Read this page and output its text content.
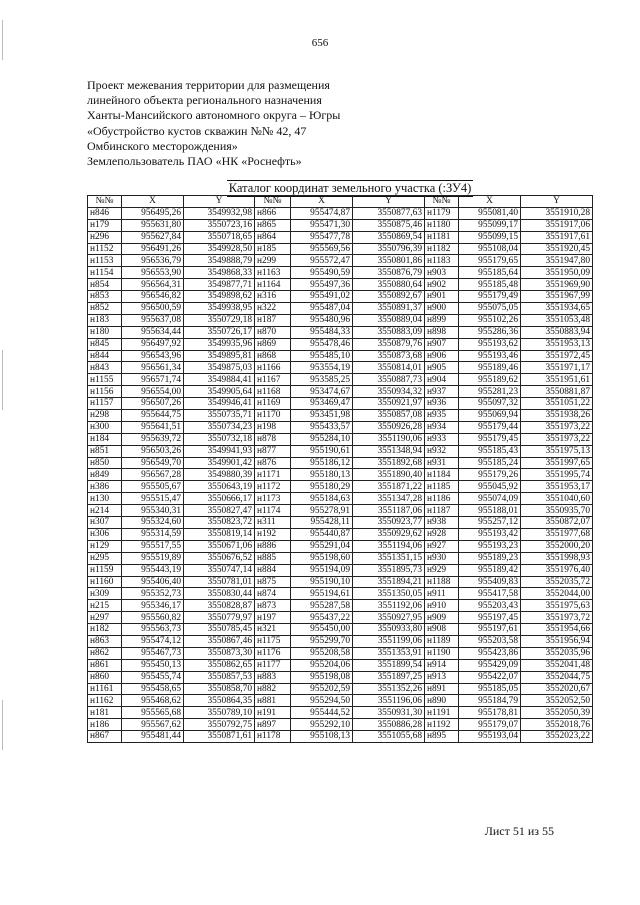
656
Проект межевания территории для размещения
линейного объекта регионального назначения
Ханты-Мансийского автономного округа – Югры
«Обустройство кустов скважин №№ 42, 47
Омбинского месторождения»
Землепользователь ПАО «НК «Роснефть»
Каталог координат земельного участка (:ЗУ4)
№№	X	Y	№№	X	Y	№№	X	Y
н846	956495,26	3549932,98	н866	955474,87	3550877,63	н1179	955081,40	3551910,28
н179	955631,80	3550723,16	н865	955471,30	3550875,46	н1180	955099,17	3551917,06
н296	955627,84	3550718,65	н864	955477,78	3550869,54	н1181	955099,15	3551917,61
н1152	956491,26	3549928,50	н185	955569,56	3550796,39	н1182	955108,04	3551920,45
н1153	956536,79	3549888,79	н299	955572,47	3550801,86	н1183	955179,65	3551947,80
н1154	956553,90	3549868,33	н1163	955490,59	3550876,79	н903	955185,64	3551950,09
н854	956564,31	3549877,71	н1164	955497,36	3550880,64	н902	955185,48	3551969,90
н853	956546,82	3549898,62	н316	955491,02	3550892,67	н901	955179,49	3551967,99
н852	956500,59	3549938,95	н322	955487,04	3550891,37	н900	955075,05	3551934,65
н183	955637,08	3550729,18	н187	955480,96	3550889,04	н899	955102,26	3551053,48
н180	955634,44	3550726,17	н870	955484,33	3550883,09	н898	955286,36	3550883,94
н845	956497,92	3549935,96	н869	955478,46	3550879,76	н907	955193,62	3551953,13
н844	956543,96	3549895,81	н868	955485,10	3550873,68	н906	955193,46	3551972,45
н843	956561,34	3549875,03	н1166	953554,19	3550814,01	н905	955189,46	3551971,17
н1155	956571,74	3549884,41	н1167	953585,25	3550887,73	н904	955189,62	3551951,61
н1156	956554,00	3549905,64	н1168	953474,67	3550934,32	н937	955281,23	3550881,87
н1157	956507,26	3549946,41	н1169	953469,47	3550921,97	н936	955097,32	3551051,22
н298	955644,75	3550735,71	н1170	953451,98	3550857,08	н935	955069,94	3551938,26
н300	955641,51	3550734,23	н198	955433,57	3550926,28	н934	955179,44	3551973,22
н184	955639,72	3550732,18	н878	955284,10	3551190,06	н933	955179,45	3551973,22
н851	956503,26	3549941,93	н877	955190,61	3551348,94	н932	955185,43	3551975,13
н850	956549,70	3549901,42	н876	955186,12	3551892,68	н931	955185,24	3551997,65
н849	956567,28	3549880,39	н1171	955180,13	3551890,40	н1184	955179,26	3551995,74
н386	955505,67	3550643,19	н1172	955180,29	3551871,22	н1185	955045,92	3551953,17
н130	955515,47	3550666,17	н1173	955184,63	3551347,28	н1186	955074,09	3551040,60
н214	955340,31	3550827,47	н1174	955278,91	3551187,06	н1187	955188,01	3550935,70
н307	955324,60	3550823,72	н311	955428,11	3550923,77	н938	955257,12	3550872,07
н306	955314,59	3550819,14	н192	955440,87	3550929,62	н928	955193,42	3551977,68
н129	955517,55	3550671,06	н886	955291,04	3551194,06	н927	955193,23	3552000,20
н295	955519,89	3550676,52	н885	955198,60	3551351,15	н930	955189,23	3551998,93
н1159	955443,19	3550747,14	н884	955194,09	3551895,73	н929	955189,42	3551976,40
н1160	955406,40	3550781,01	н875	955190,10	3551894,21	н1188	955409,83	3552035,72
н309	955352,73	3550830,44	н874	955194,61	3551350,05	н911	955417,58	3552044,00
н215	955346,17	3550828,87	н873	955287,58	3551192,06	н910	955203,43	3551975,63
н297	955560,82	3550779,97	н197	955437,22	3550927,95	н909	955197,45	3551973,72
н182	955563,73	3550785,45	н321	955450,00	3550933,80	н908	955197,61	3551954,66
н863	955474,12	3550867,46	н1175	955299,70	3551199,06	н1189	955203,58	3551956,94
н862	955467,73	3550873,30	н1176	955208,58	3551353,91	н1190	955423,86	3552035,96
н861	955450,13	3550862,65	н1177	955204,06	3551899,54	н914	955429,09	3552041,48
н860	955455,74	3550857,53	н883	955198,08	3551897,25	н913	955422,07	3552044,75
н1161	955458,65	3550858,70	н882	955202,59	3551352,26	н891	955185,05	3552020,67
н1162	955468,62	3550864,35	н881	955294,50	3551196,06	н890	955184,79	3552052,50
н181	955565,68	3550789,10	н191	955444,52	3550931,30	н1191	955178,81	3552050,39
н186	955567,62	3550792,75	н897	955292,10	3550886,28	н1192	955179,07	3552018,76
н867	955481,44	3550871,61	н1178	955108,13	3551055,68	н895	955193,04	3552023,22
Лист 51 из 55
